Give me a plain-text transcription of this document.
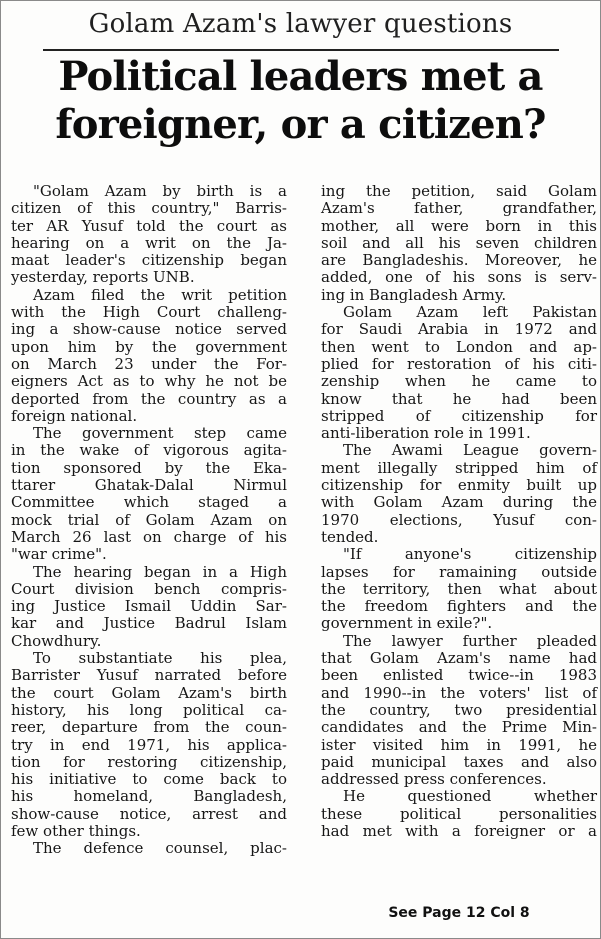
Golam Azam's lawyer questions
Political leaders met a
foreigner, or a citizen?
"Golam Azam by birth is a
citizen of this country," Barris-
ter AR Yusuf told the court as
hearing on a writ on the Ja-
maat leader's citizenship began
yesterday, reports UNB.
Azam filed the writ petition
with the High Court challeng-
ing a show-cause notice served
upon him by the government
on March 23 under the For-
eigners Act as to why he not be
deported from the country as a
foreign national.
The government step came
in the wake of vigorous agita-
tion sponsored by the Eka-
ttarer Ghatak-Dalal Nirmul
Committee which staged a
mock trial of Golam Azam on
March 26 last on charge of his
"war crime".
The hearing began in a High
Court division bench compris-
ing Justice Ismail Uddin Sar-
kar and Justice Badrul Islam
Chowdhury.
To substantiate his plea,
Barrister Yusuf narrated before
the court Golam Azam's birth
history, his long political ca-
reer, departure from the coun-
try in end 1971, his applica-
tion for restoring citizenship,
his initiative to come back to
his homeland, Bangladesh,
show-cause notice, arrest and
few other things.
The defence counsel, plac-
ing the petition, said Golam
Azam's father, grandfather,
mother, all were born in this
soil and all his seven children
are Bangladeshis. Moreover, he
added, one of his sons is serv-
ing in Bangladesh Army.
Golam Azam left Pakistan
for Saudi Arabia in 1972 and
then went to London and ap-
plied for restoration of his citi-
zenship when he came to
know that he had been
stripped of citizenship for
anti-liberation role in 1991.
The Awami League govern-
ment illegally stripped him of
citizenship for enmity built up
with Golam Azam during the
1970 elections, Yusuf con-
tended.
"If anyone's citizenship
lapses for ramaining outside
the territory, then what about
the freedom fighters and the
government in exile?".
The lawyer further pleaded
that Golam Azam's name had
been enlisted twice--in 1983
and 1990--in the voters' list of
the country, two presidential
candidates and the Prime Min-
ister visited him in 1991, he
paid municipal taxes and also
addressed press conferences.
He questioned whether
these political personalities
had met with a foreigner or a
See Page 12 Col 8
